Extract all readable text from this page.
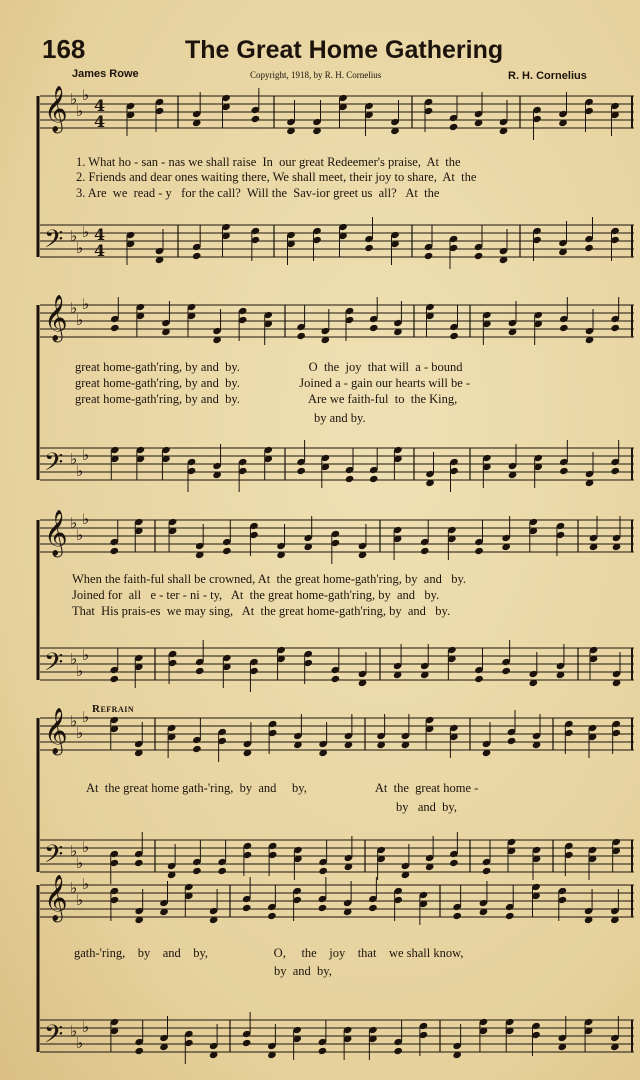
168	The Great Home Gathering
James Rowe	Copyright, 1918, by R. H. Cornelius	R. H. Cornelius
𝄞
𝄢
♭
♭
♭
♭
♭
♭
4
4
4
4
𝄞
𝄢
♭
♭
♭
♭
♭
♭
𝄞
𝄢
♭
♭
♭
♭
♭
♭
𝄞
𝄢
♭
♭
♭
♭
♭
♭
𝄞
𝄢
♭
♭
♭
♭
♭
♭
1. What ho - san - nas we shall raise  In  our great Redeemer's praise,  At  the
2. Friends and dear ones waiting there, We shall meet, their joy to share,  At  the
3. Are  we  read - y   for the call?  Will the  Sav-ior greet us  all?   At  the
great home-gath'ring, by and  by.                      O  the  joy  that will  a - bound
great home-gath'ring, by and  by.                   Joined a - gain our hearts will be -
great home-gath'ring, by and  by.                      Are we faith-ful  to  the King,
by and by.
When the faith-ful shall be crowned, At  the great home-gath'ring, by  and   by.
Joined for  all   e - ter - ni - ty,   At  the great home-gath'ring, by  and   by.
That  His prais-es  we may sing,   At  the great home-gath'ring, by  and   by.
Refrain
At  the great home gath-'ring,  by  and     by,                      At  the  great home -
by   and  by,
gath-'ring,    by    and    by,                     O,     the    joy    that    we shall know,
by  and  by,
